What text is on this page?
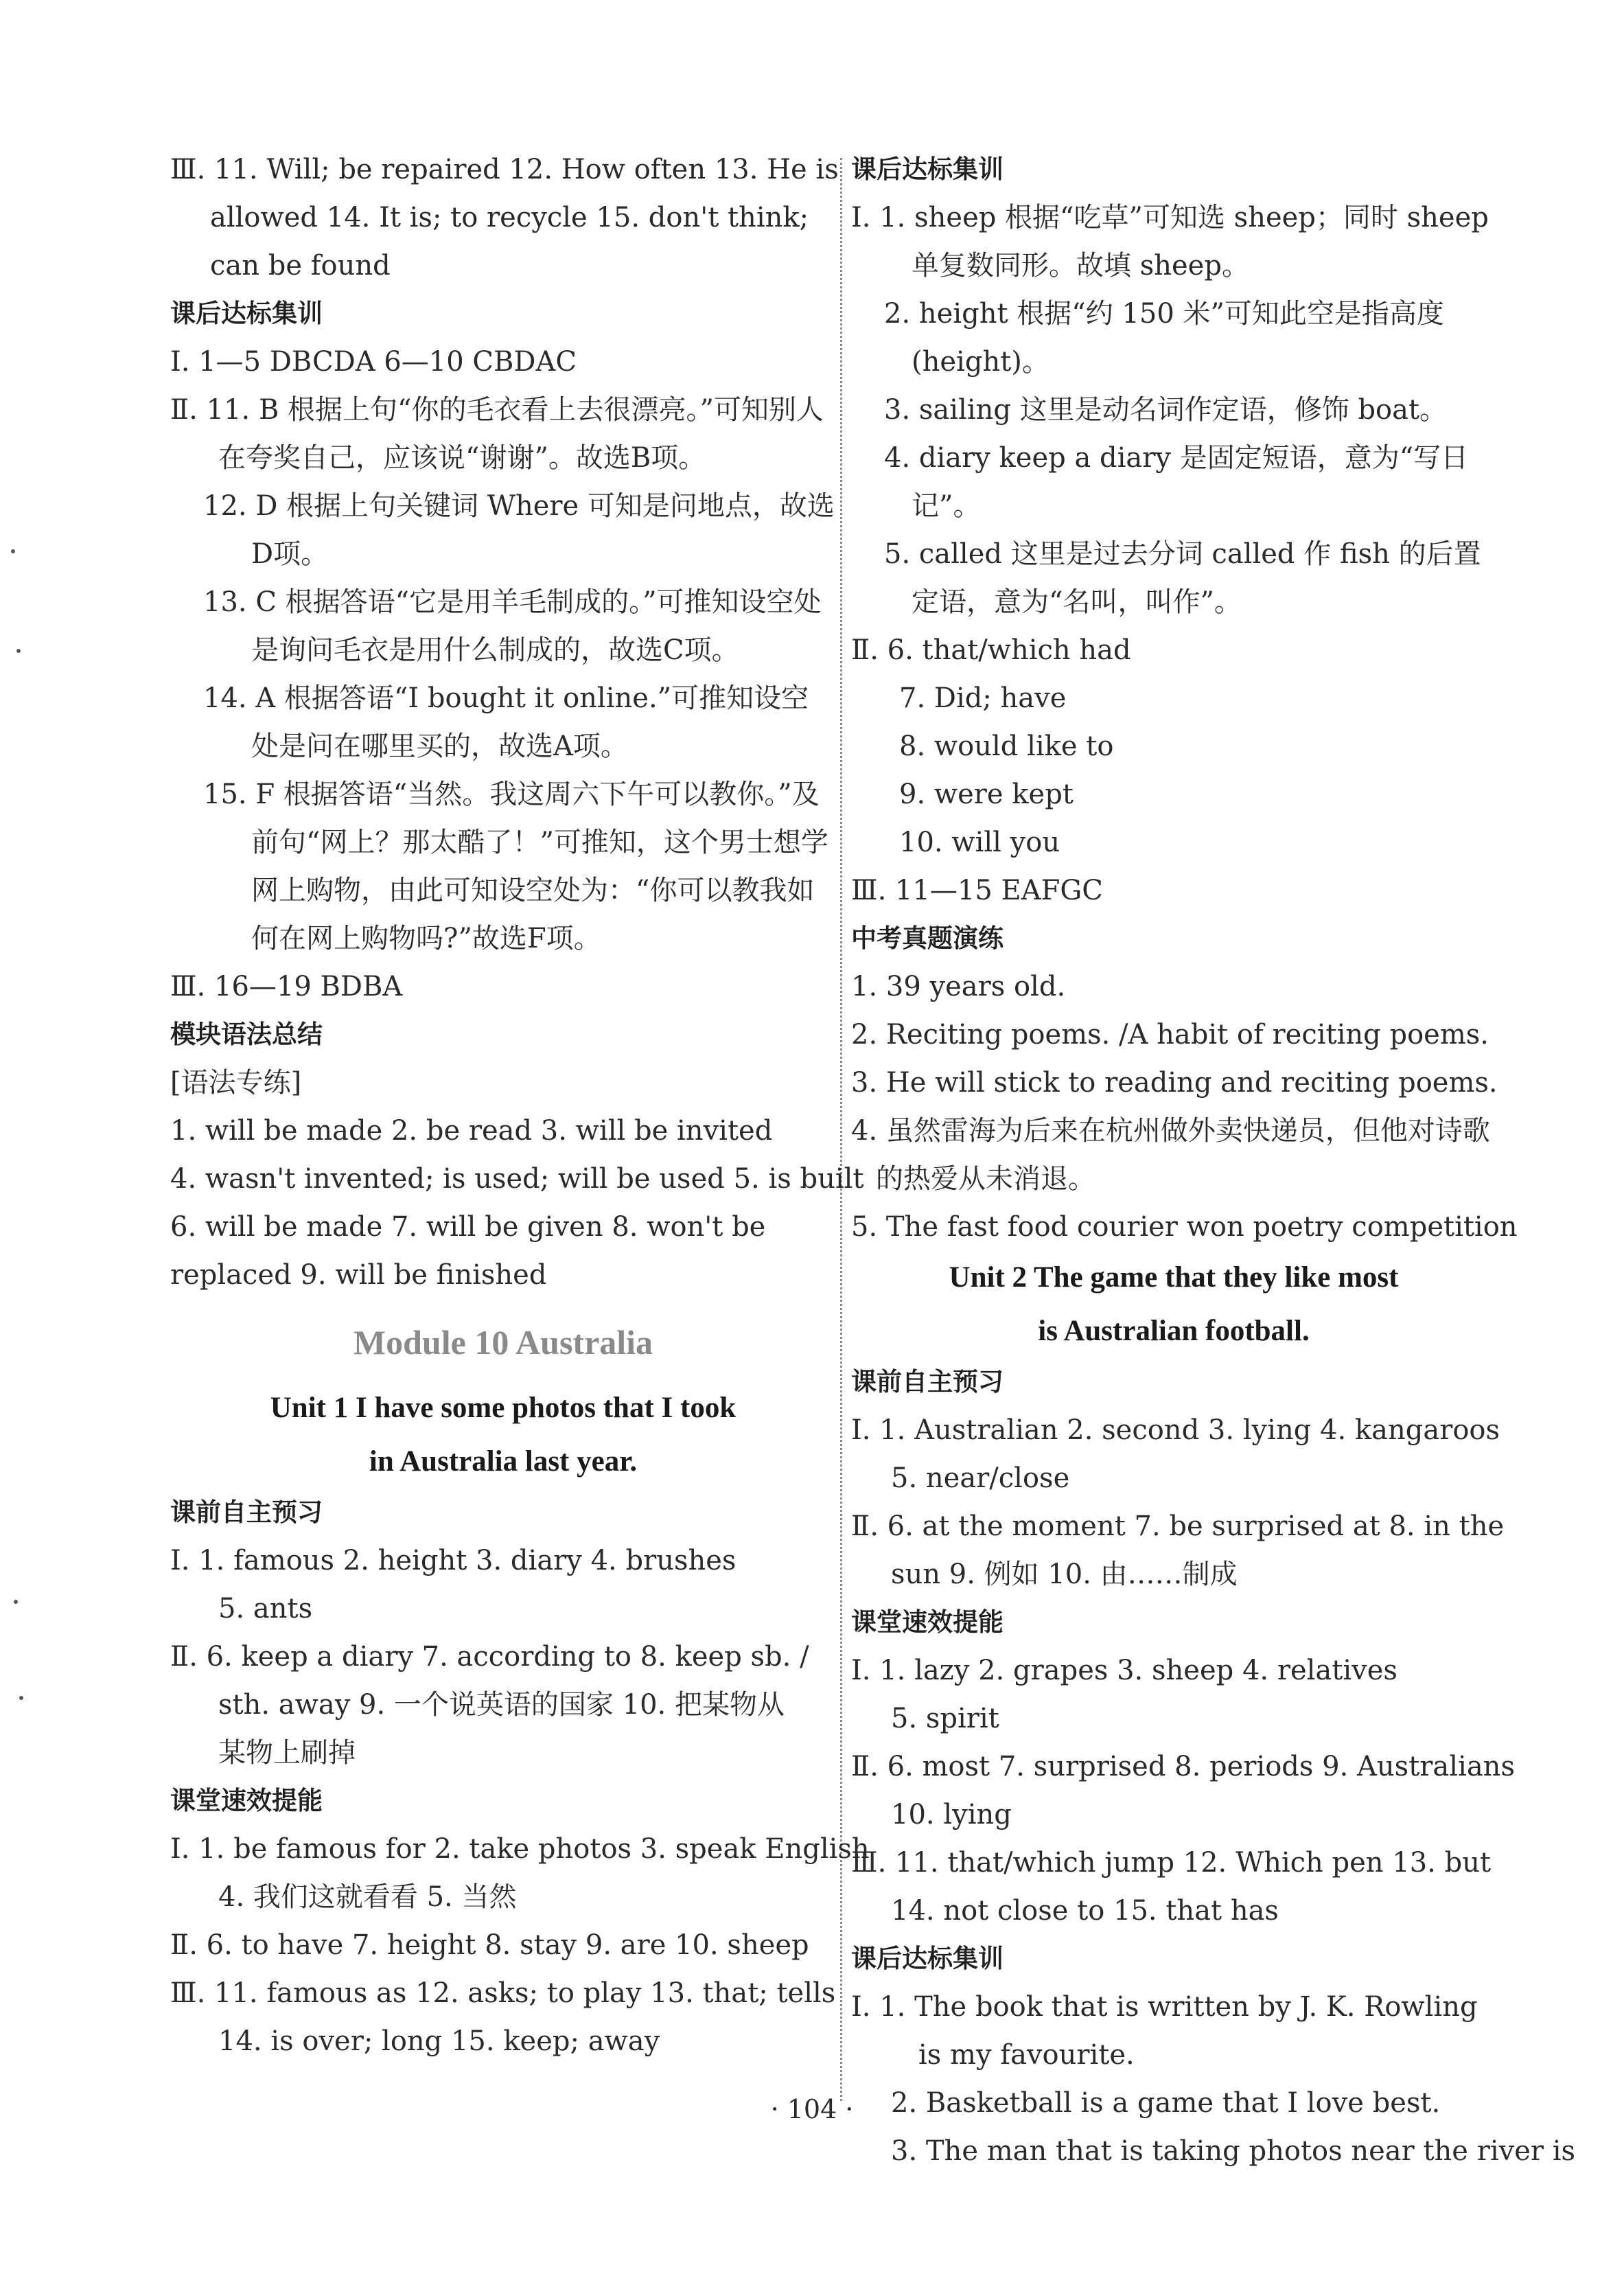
Ⅲ. 11. Will; be repaired 12. How often 13. He is
allowed 14. It is; to recycle 15. don't think;
can be found
课后达标集训
Ⅰ. 1—5 DBCDA 6—10 CBDAC
Ⅱ. 11. B 根据上句“你的毛衣看上去很漂亮。”可知别人在夸奖自己，应该说“谢谢”。故选B项。
12. D 根据上句关键词 Where 可知是问地点，故选D项。
13. C 根据答语“它是用羊毛制成的。”可推知设空处是询问毛衣是用什么制成的，故选C项。
14. A 根据答语“I bought it online.”可推知设空处是问在哪里买的，故选A项。
15. F 根据答语“当然。我这周六下午可以教你。”及前句“网上？那太酷了！”可推知，这个男士想学网上购物，由此可知设空处为：“你可以教我如何在网上购物吗?”故选F项。
Ⅲ. 16—19 BDBA
模块语法总结
[语法专练]
1. will be made 2. be read 3. will be invited
4. wasn't invented; is used; will be used 5. is built
6. will be made 7. will be given 8. won't be
replaced 9. will be finished
Module 10 Australia
Unit 1 I have some photos that I took
in Australia last year.
课前自主预习
Ⅰ. 1. famous 2. height 3. diary 4. brushes
5. ants
Ⅱ. 6. keep a diary 7. according to 8. keep sb. /
sth. away 9. 一个说英语的国家 10. 把某物从
某物上刷掉
课堂速效提能
Ⅰ. 1. be famous for 2. take photos 3. speak English
4. 我们这就看看 5. 当然
Ⅱ. 6. to have 7. height 8. stay 9. are 10. sheep
Ⅲ. 11. famous as 12. asks; to play 13. that; tells
14. is over; long 15. keep; away
课后达标集训
Ⅰ. 1. sheep 根据“吃草”可知选 sheep；同时 sheep 单复数同形。故填 sheep。
2. height 根据“约 150 米”可知此空是指高度(height)。
3. sailing 这里是动名词作定语，修饰 boat。
4. diary keep a diary 是固定短语，意为“写日记”。
5. called 这里是过去分词 called 作 fish 的后置定语，意为“名叫，叫作”。
Ⅱ. 6. that/which had
7. Did; have
8. would like to
9. were kept
10. will you
Ⅲ. 11—15 EAFGC
中考真题演练
1. 39 years old.
2. Reciting poems. /A habit of reciting poems.
3. He will stick to reading and reciting poems.
4. 虽然雷海为后来在杭州做外卖快递员，但他对诗歌的热爱从未消退。
5. The fast food courier won poetry competition
Unit 2 The game that they like most
is Australian football.
课前自主预习
Ⅰ. 1. Australian 2. second 3. lying 4. kangaroos
5. near/close
Ⅱ. 6. at the moment 7. be surprised at 8. in the
sun 9. 例如 10. 由……制成
课堂速效提能
Ⅰ. 1. lazy 2. grapes 3. sheep 4. relatives
5. spirit
Ⅱ. 6. most 7. surprised 8. periods 9. Australians
10. lying
Ⅲ. 11. that/which jump 12. Which pen 13. but
14. not close to 15. that has
课后达标集训
Ⅰ. 1. The book that is written by J. K. Rowling is my favourite.
2. Basketball is a game that I love best.
3. The man that is taking photos near the river is
· 104 ·
